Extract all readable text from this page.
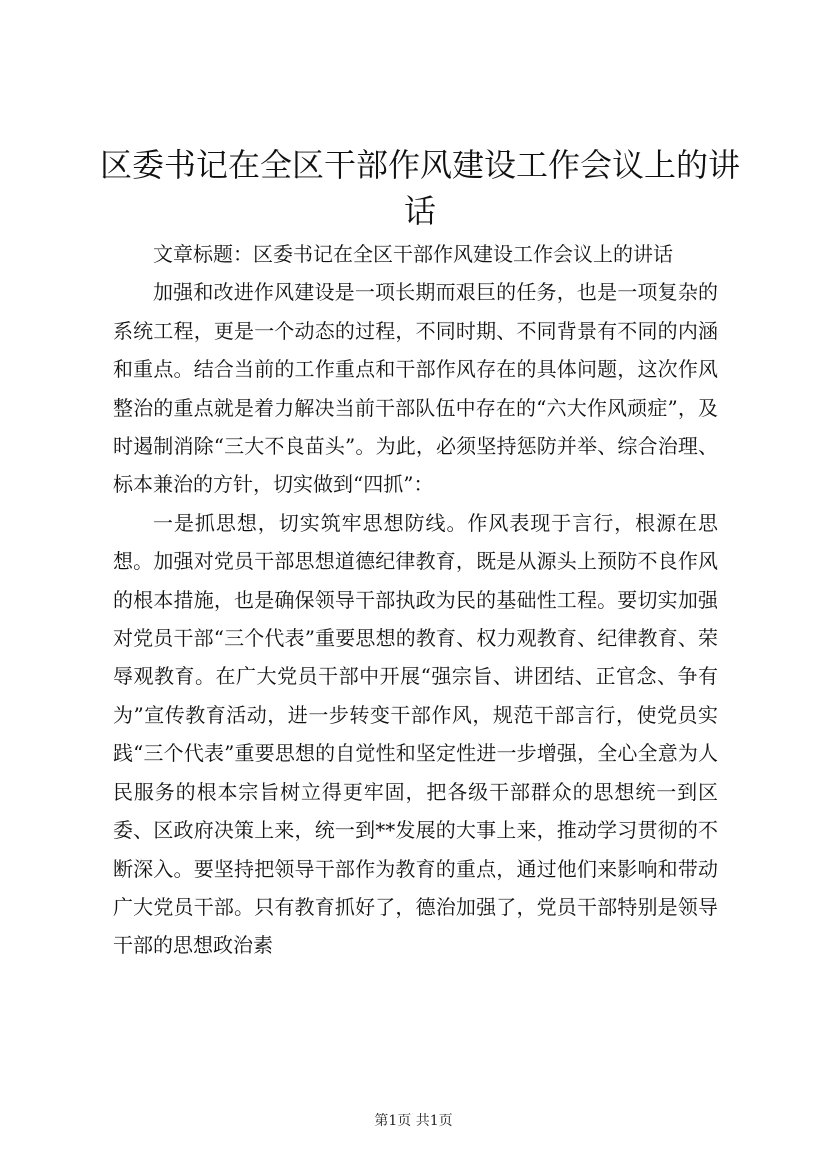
区委书记在全区干部作风建设工作会议上的讲话

文章标题：区委书记在全区干部作风建设工作会议上的讲话

加强和改进作风建设是一项长期而艰巨的任务，也是一项复杂的系统工程，更是一个动态的过程，不同时期、不同背景有不同的内涵和重点。结合当前的工作重点和干部作风存在的具体问题，这次作风整治的重点就是着力解决当前干部队伍中存在的“六大作风顽症”，及时遏制消除“三大不良苗头”。为此，必须坚持惩防并举、综合治理、标本兼治的方针，切实做到“四抓”：

一是抓思想，切实筑牢思想防线。作风表现于言行，根源在思想。加强对党员干部思想道德纪律教育，既是从源头上预防不良作风的根本措施，也是确保领导干部执政为民的基础性工程。要切实加强对党员干部“三个代表”重要思想的教育、权力观教育、纪律教育、荣辱观教育。在广大党员干部中开展“强宗旨、讲团结、正官念、争有为”宣传教育活动，进一步转变干部作风，规范干部言行，使党员实践“三个代表”重要思想的自觉性和坚定性进一步增强，全心全意为人民服务的根本宗旨树立得更牢固，把各级干部群众的思想统一到区委、区政府决策上来，统一到**发展的大事上来，推动学习贯彻的不断深入。要坚持把领导干部作为教育的重点，通过他们来影响和带动广大党员干部。只有教育抓好了，德治加强了，党员干部特别是领导干部的思想政治素

第1页 共1页
